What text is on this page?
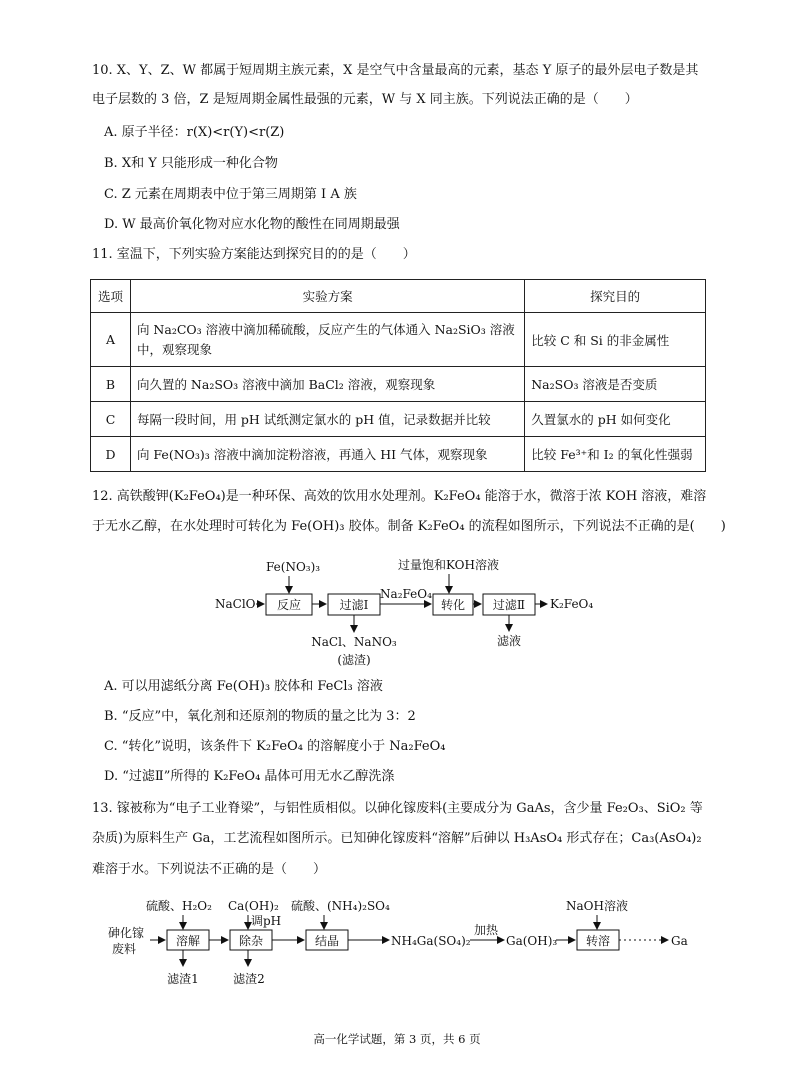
10. X、Y、Z、W 都属于短周期主族元素，X 是空气中含量最高的元素，基态 Y 原子的最外层电子数是其
电子层数的 3 倍，Z 是短周期金属性最强的元素，W 与 X 同主族。下列说法正确的是（　　）
A. 原子半径：r(X)<r(Y)<r(Z)
B. X和 Y 只能形成一种化合物
C. Z 元素在周期表中位于第三周期第 Ⅰ A 族
D. W 最高价氧化物对应水化物的酸性在同周期最强
11. 室温下，下列实验方案能达到探究目的的是（　　）
选项	实验方案	探究目的
A	向 Na₂CO₃ 溶液中滴加稀硫酸，反应产生的气体通入 Na₂SiO₃ 溶液中，观察现象	比较 C 和 Si 的非金属性
B	向久置的 Na₂SO₃ 溶液中滴加 BaCl₂ 溶液，观察现象	Na₂SO₃ 溶液是否变质
C	每隔一段时间，用 pH 试纸测定氯水的 pH 值，记录数据并比较	久置氯水的 pH 如何变化
D	向 Fe(NO₃)₃ 溶液中滴加淀粉溶液，再通入 HI 气体，观察现象	比较 Fe³⁺和 I₂ 的氧化性强弱
12. 高铁酸钾(K₂FeO₄)是一种环保、高效的饮用水处理剂。K₂FeO₄ 能溶于水，微溶于浓 KOH 溶液，难溶
于无水乙醇，在水处理时可转化为 Fe(OH)₃ 胶体。制备 K₂FeO₄ 的流程如图所示，下列说法不正确的是(　　)
Fe(NO₃)₃	过量饱和KOH溶液
NaClO 反应	过滤Ⅰ
Na₂FeO₄
转化 过滤Ⅱ K₂FeO₄
NaCl、NaNO₃
(滤渣)
滤液
砷化镓
废料
硫酸、H₂O₂
溶解
Ca(OH)₂
调pH
除杂
硫酸、(NH₄)₂SO₄
结晶	NH₄Ga(SO₄)₂
加热
Ga(OH)₃
NaOH溶液
转溶	Ga
滤渣1	滤渣2
A. 可以用滤纸分离 Fe(OH)₃ 胶体和 FeCl₃ 溶液
B. “反应”中，氧化剂和还原剂的物质的量之比为 3：2
C. “转化”说明，该条件下 K₂FeO₄ 的溶解度小于 Na₂FeO₄
D. “过滤Ⅱ”所得的 K₂FeO₄ 晶体可用无水乙醇洗涤
13. 镓被称为“电子工业脊梁”，与铝性质相似。以砷化镓废料(主要成分为 GaAs，含少量 Fe₂O₃、SiO₂ 等
杂质)为原料生产 Ga，工艺流程如图所示。已知砷化镓废料“溶解”后砷以 H₃AsO₄ 形式存在；Ca₃(AsO₄)₂
难溶于水。下列说法不正确的是（　　）
高一化学试题，第 3 页，共 6 页
